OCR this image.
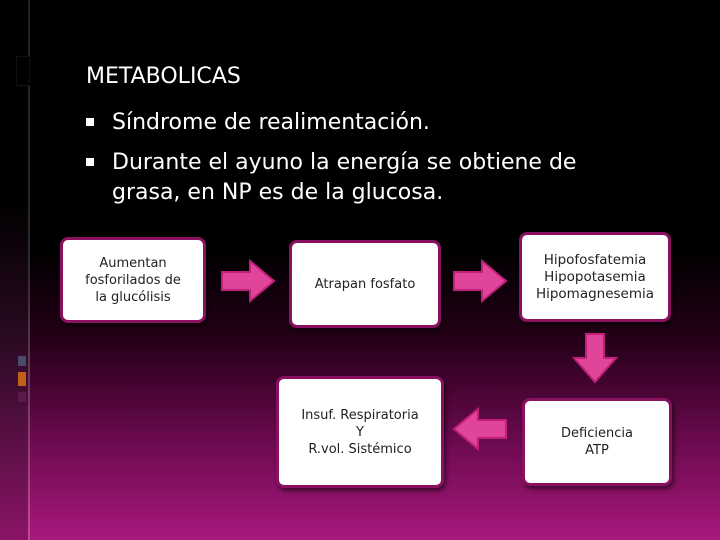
METABOLICAS
Síndrome de realimentación.
Durante el ayuno la energía se obtiene de grasa, en NP es de la glucosa.
Aumentan
fosforilados de
la glucólisis
Atrapan fosfato
Hipofosfatemia
Hipopotasemia
Hipomagnesemia
Deficiencia
ATP
Insuf. Respiratoria
Y
R.vol. Sistémico
